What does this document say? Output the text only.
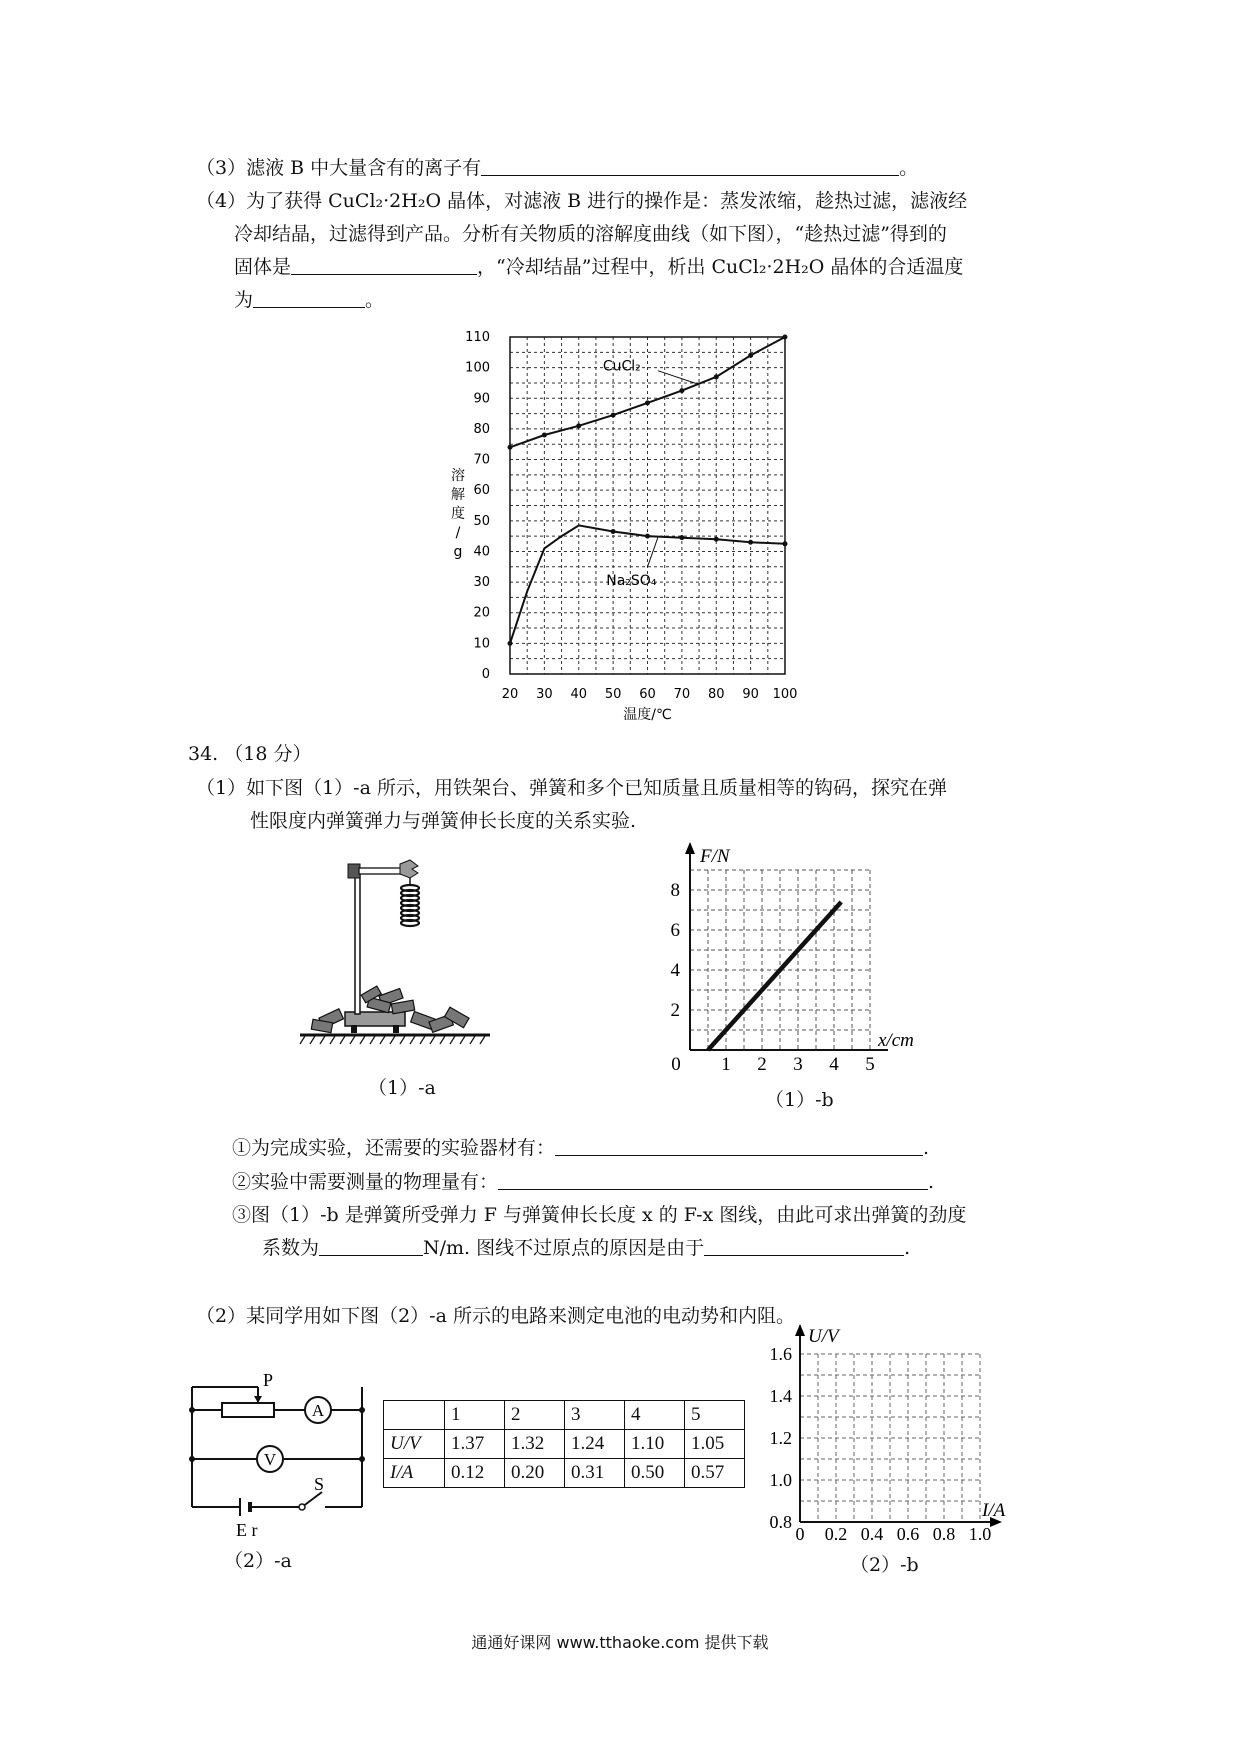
（3）滤液 B 中大量含有的离子有	。
（4）为了获得 CuCl₂·2H₂O 晶体，对滤液 B 进行的操作是：蒸发浓缩，趁热过滤，滤液经
冷却结晶，过滤得到产品。分析有关物质的溶解度曲线（如下图），“趁热过滤”得到的
固体是	，“冷却结晶”过程中，析出 CuCl₂·2H₂O 晶体的合适温度
为	。
20 30 40 50 60 70 80 90 100
0
10
20
30
40
50
60
70
80
90
100
110
溶
解
度
/
g
温度/℃
CuCl₂
Na₂SO₄
34. （18 分）
（1）如下图（1）-a 所示，用铁架台、弹簧和多个已知质量且质量相等的钩码，探究在弹
性限度内弹簧弹力与弹簧伸长长度的关系实验.
（1）-a
F/N
x/cm
0 1 2 3 4 5
2
4
6
8
（1）-b
①为完成实验，还需要的实验器材有：	.
②实验中需要测量的物理量有：	.
③图（1）-b 是弹簧所受弹力 F 与弹簧伸长长度 x 的 F-x 图线，由此可求出弹簧的劲度
系数为	N/m. 图线不过原点的原因是由于	.
（2）某同学用如下图（2）-a 所示的电路来测定电池的电动势和内阻。
P
A
V
S
E r
（2）-a
	1	2	3	4	5
U/V	1.37	1.32	1.24	1.10	1.05
I/A	0.12	0.20	0.31	0.50	0.57
U/V
I/A
0 0.2 0.4 0.6 0.8 1.0
0.8
1.0
1.2
1.4
1.6
（2）-b
通通好课网 www.tthaoke.com 提供下载
